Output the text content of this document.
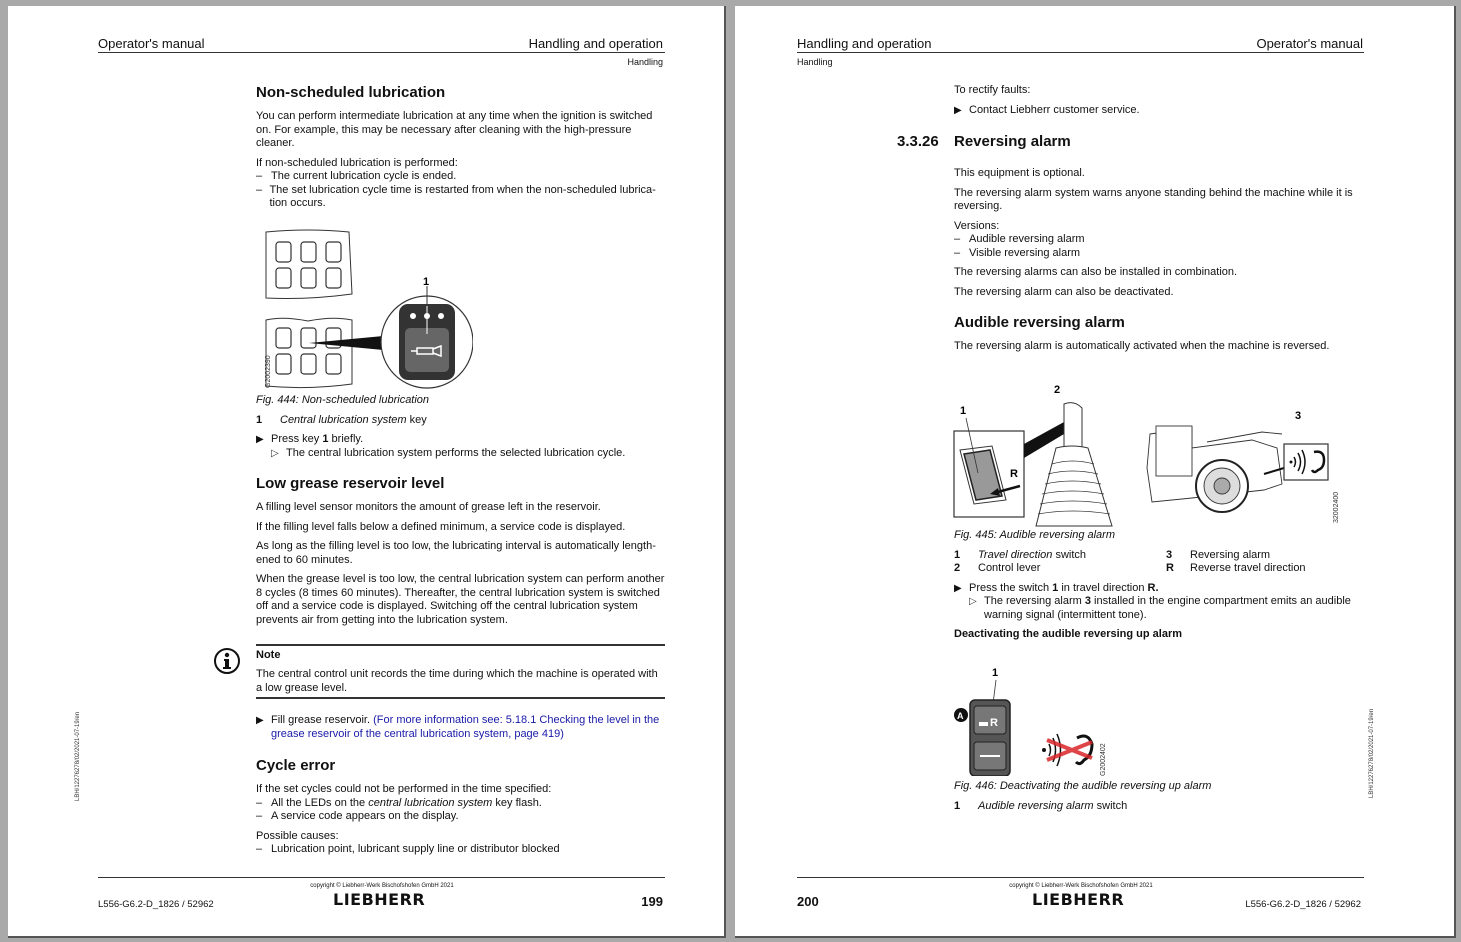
Operator's manual	Handling and operation
Handling
LBH/12276278/02/2021-07-19/en
Non-scheduled lubrication
You can perform intermediate lubrication at any time when the ignition is switched on. For example, this may be necessary after cleaning with the high-pressure cleaner.
If non-scheduled lubrication is performed:
– The current lubrication cycle is ended.
– The set lubrication cycle time is restarted from when the non-scheduled lubrica-tion occurs.
1
G2002390
Fig. 444: Non-scheduled lubrication
1 Central lubrication system key
▶ Press key 1 briefly.
▷ The central lubrication system performs the selected lubrication cycle.
Low grease reservoir level
A filling level sensor monitors the amount of grease left in the reservoir.
If the filling level falls below a defined minimum, a service code is displayed.
As long as the filling level is too low, the lubricating interval is automatically length-ened to 60 minutes.
When the grease level is too low, the central lubrication system can perform another 8 cycles (8 times 60 minutes). Thereafter, the central lubrication system is switched off and a service code is displayed. Switching off the central lubrication system prevents air from getting into the lubrication system.
Note
The central control unit records the time during which the machine is operated with a low grease level.
▶ Fill grease reservoir. (For more information see: 5.18.1 Checking the level in the grease reservoir of the central lubrication system, page 419)
Cycle error
If the set cycles could not be performed in the time specified:
– All the LEDs on the central lubrication system key flash.
– A service code appears on the display.
Possible causes:
– Lubrication point, lubricant supply line or distributor blocked
copyright © Liebherr-Werk Bischofshofen GmbH 2021
LIEBHERR
L556-G6.2-D_1826 / 52962	199
Handling and operation	Operator's manual
Handling
LBH/12276278/02/2021-07-19/en
To rectify faults:
▶ Contact Liebherr customer service.
3.3.26 Reversing alarm
This equipment is optional.
The reversing alarm system warns anyone standing behind the machine while it is reversing.
Versions:
– Audible reversing alarm
– Visible reversing alarm
The reversing alarms can also be installed in combination.
The reversing alarm can also be deactivated.
Audible reversing alarm
The reversing alarm is automatically activated when the machine is reversed.
1
2
3
R
32002400
Fig. 445: Audible reversing alarm
1 Travel direction switch
2 Control lever
3 Reversing alarm
R Reverse travel direction
▶ Press the switch 1 in travel direction R.
▷ The reversing alarm 3 installed in the engine compartment emits an audible warning signal (intermittent tone).
Deactivating the audible reversing up alarm
1
A
R
G2002402
Fig. 446: Deactivating the audible reversing up alarm
1 Audible reversing alarm switch
copyright © Liebherr-Werk Bischofshofen GmbH 2021
LIEBHERR
200	L556-G6.2-D_1826 / 52962
